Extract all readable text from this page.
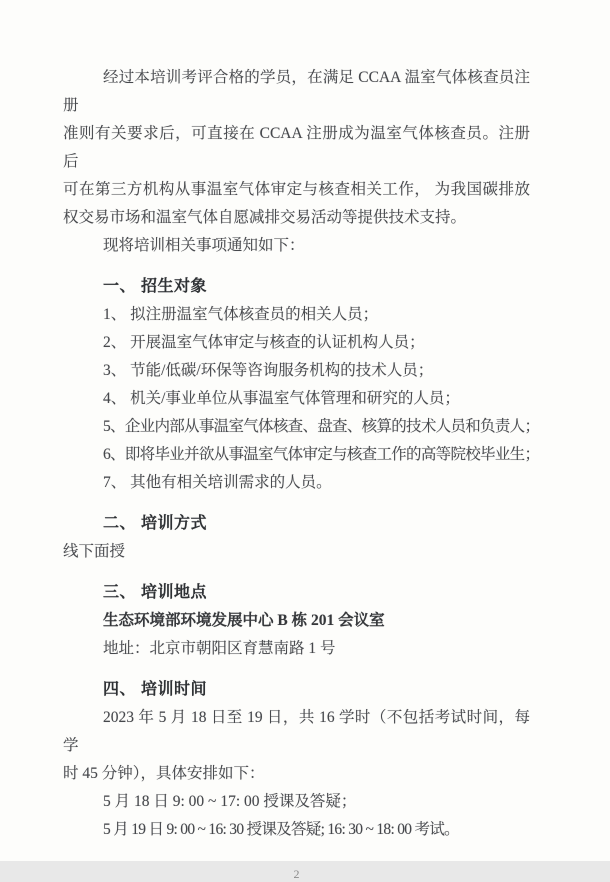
经过本培训考评合格的学员，在满足 CCAA 温室气体核查员注册
准则有关要求后，可直接在 CCAA 注册成为温室气体核查员。注册后
可在第三方机构从事温室气体审定与核查相关工作， 为我国碳排放
权交易市场和温室气体自愿减排交易活动等提供技术支持。
现将培训相关事项通知如下：
一、 招生对象
1、 拟注册温室气体核查员的相关人员；
2、 开展温室气体审定与核查的认证机构人员；
3、 节能/低碳/环保等咨询服务机构的技术人员；
4、 机关/事业单位从事温室气体管理和研究的人员；
5、企业内部从事温室气体核查、盘查、核算的技术人员和负责人；
6、即将毕业并欲从事温室气体审定与核查工作的高等院校毕业生；
7、 其他有相关培训需求的人员。
二、 培训方式
线下面授
三、 培训地点
生态环境部环境发展中心 B 栋 201 会议室
地址：北京市朝阳区育慧南路 1 号
四、 培训时间
2023 年 5 月 18 日至 19 日，共 16 学时（不包括考试时间，每学
时 45 分钟），具体安排如下：
5 月 18 日 9: 00 ~ 17: 00 授课及答疑；
5 月 19 日 9: 00 ~ 16: 30 授课及答疑; 16: 30 ~ 18: 00 考试。
2
